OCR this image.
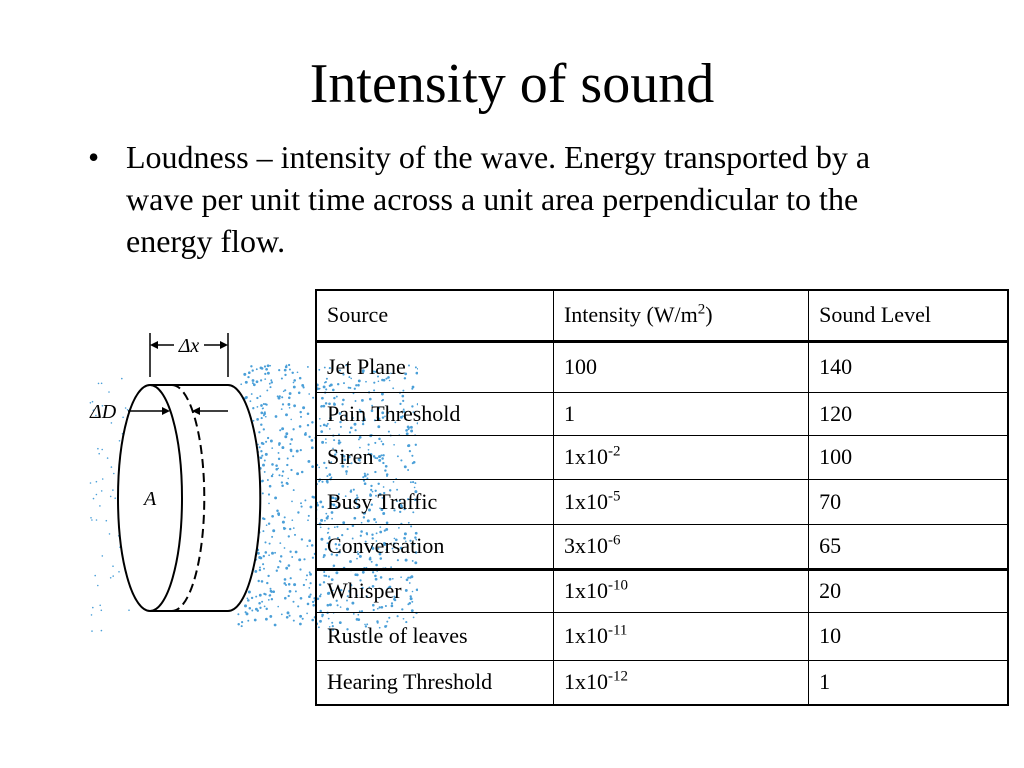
Intensity of sound
• Loudness – intensity of the wave. Energy transported by a wave per unit time across a unit area perpendicular to the energy flow.
Δx
ΔD
A
Source	Intensity $(W/m^2)$	Sound Level
Jet Plane	100	140
Pain Threshold	1	120
Siren	$1x10^{-2}$	100
Busy Traffic	$1x10^{-5}$	70
Conversation	$3x10^{-6}$	65
Whisper	$1x10^{-10}$	20
Rustle of leaves	$1x10^{-11}$	10
Hearing Threshold	$1x10^{-12}$	1
